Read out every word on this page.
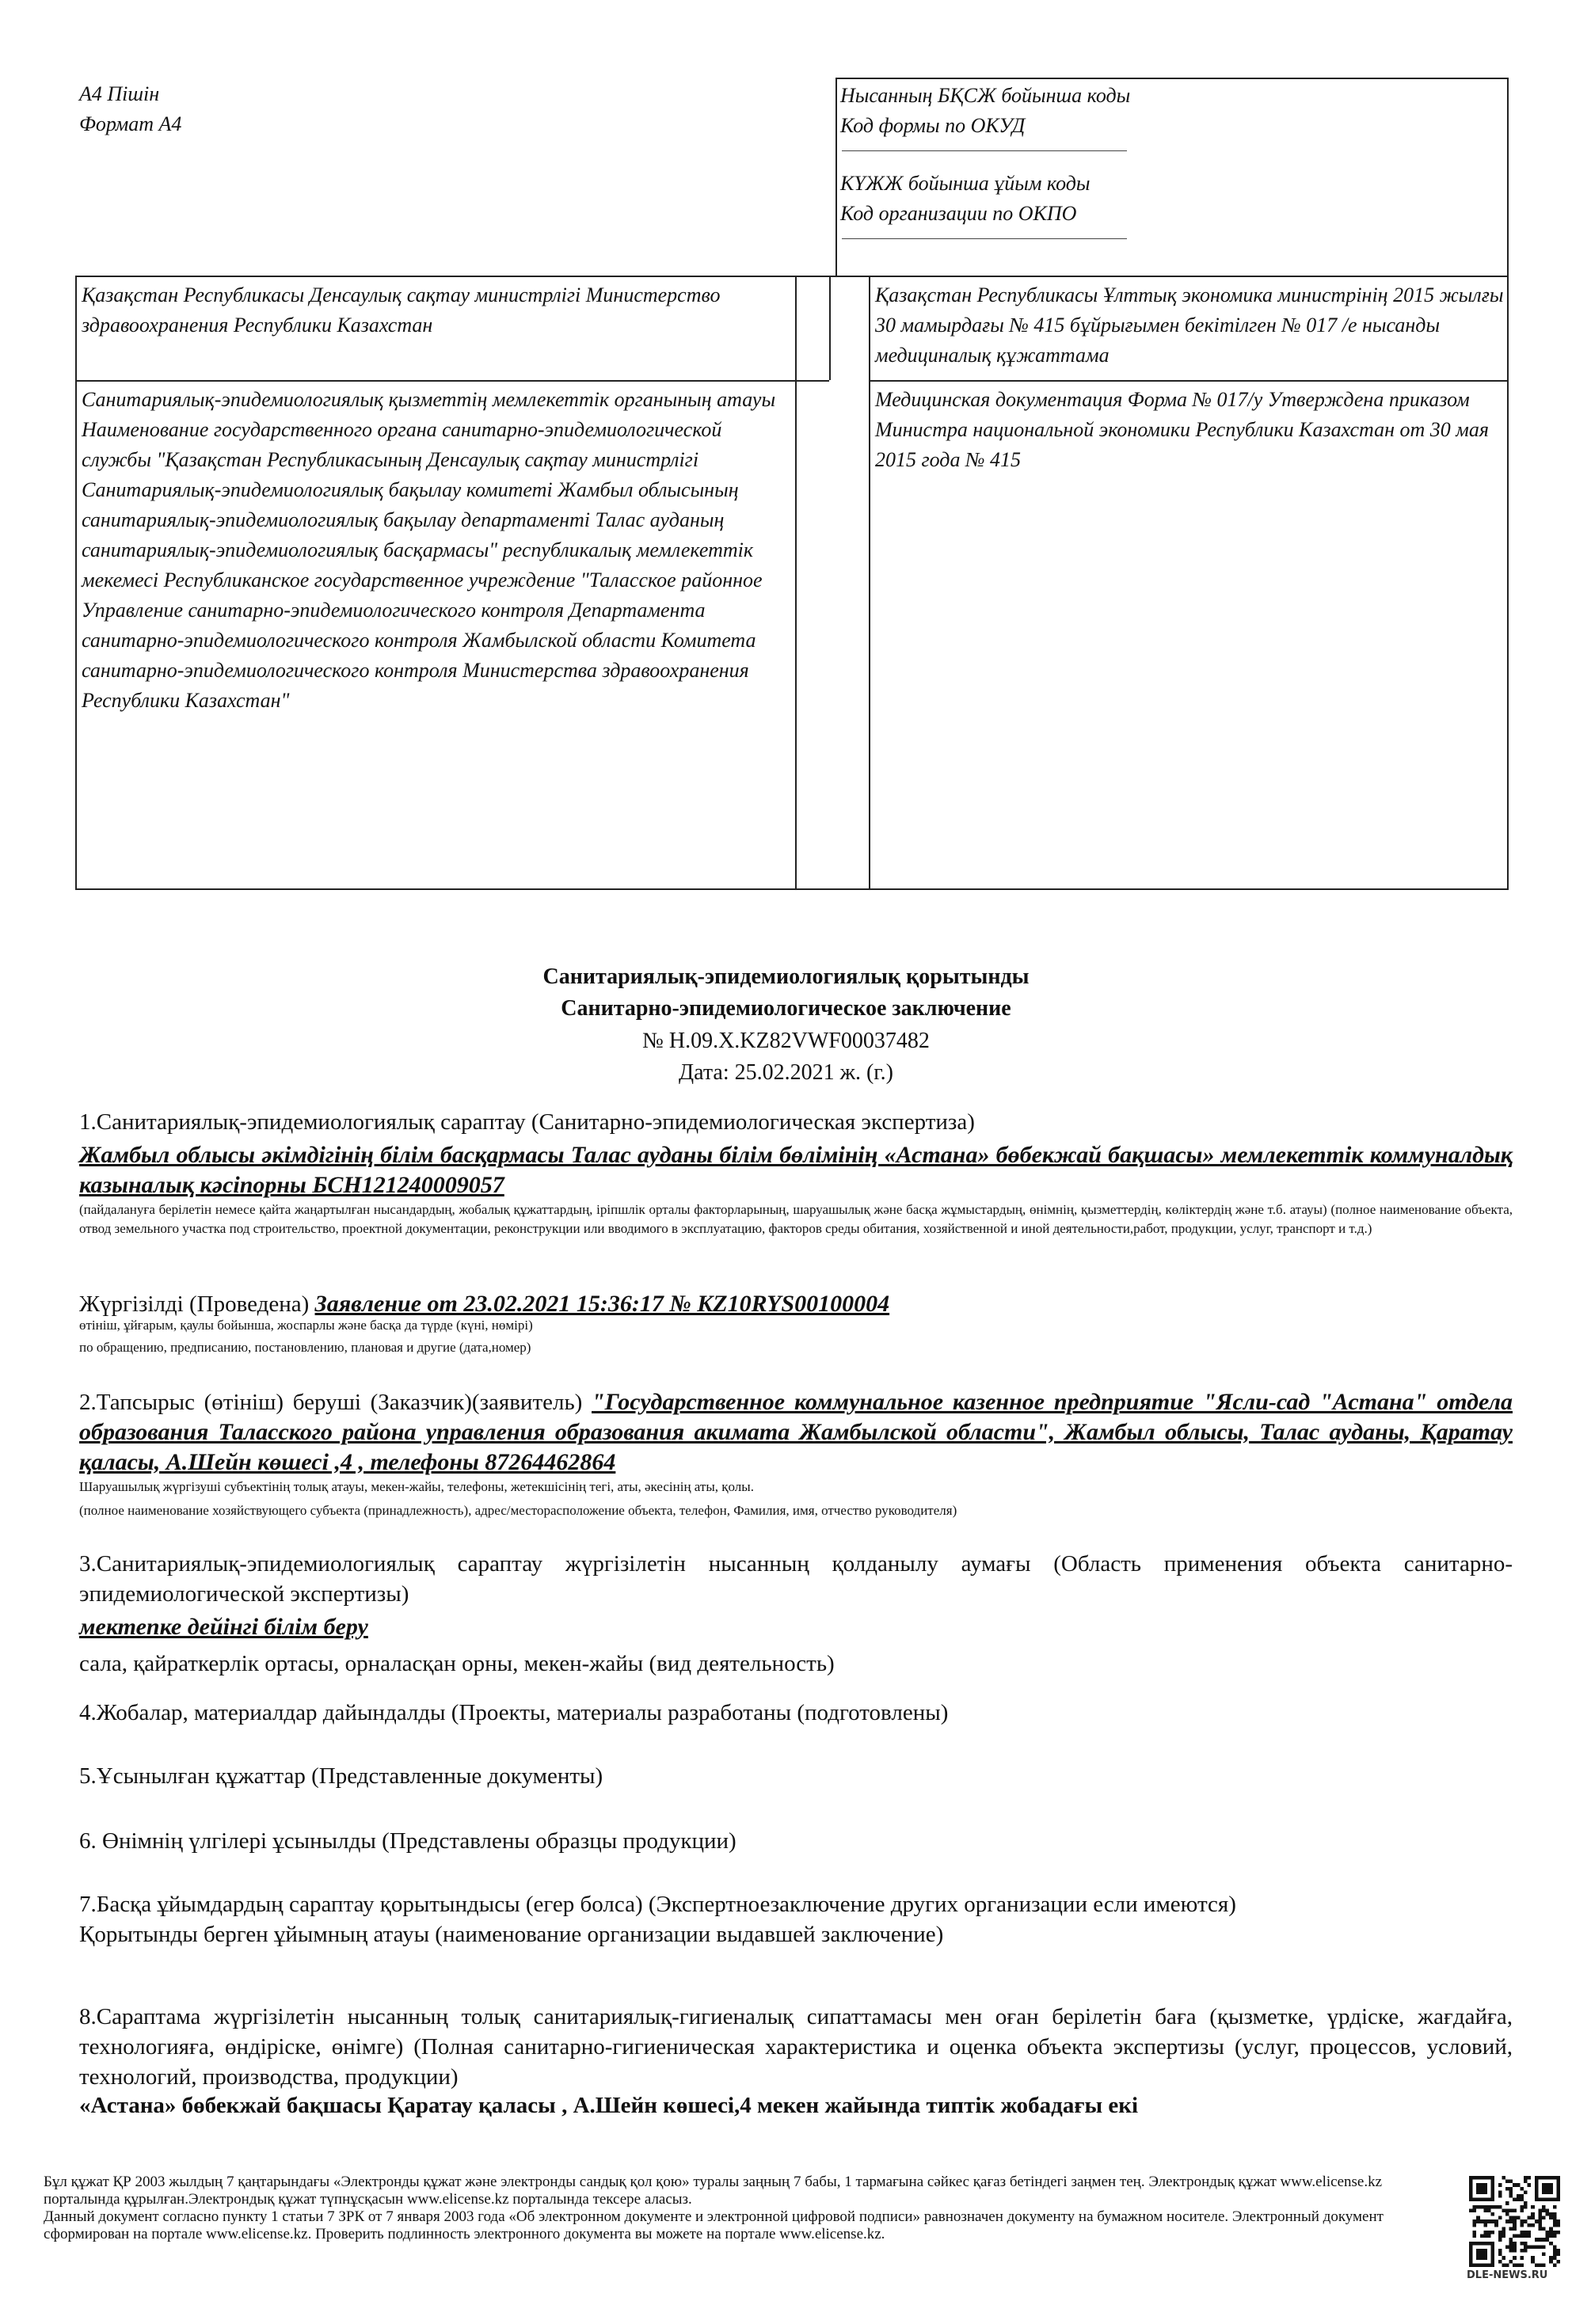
А4 Пішін
Формат А4
Нысанның БҚСЖ бойынша коды
Код формы по ОКУД
КҮЖЖ бойынша ұйым коды
Код организации по ОКПО
Қазақстан Республикасы Денсаулық сақтау министрлігі Министерство здравоохранения Республики Казахстан
Қазақстан Республикасы Ұлттық экономика министрінің 2015 жылғы 30 мамырдағы № 415 бұйрығымен бекітілген № 017 /е нысанды медициналық құжаттама
Санитариялық-эпидемиологиялық қызметтің мемлекеттік органының атауы Наименование государственного органа санитарно-эпидемиологической службы "Қазақстан Республикасының Денсаулық сақтау министрлігі Санитариялық-эпидемиологиялық бақылау комитеті Жамбыл облысының санитариялық-эпидемиологиялық бақылау департаменті Талас ауданың санитариялық-эпидемиологиялық басқармасы" республикалық мемлекеттік мекемесі Республиканское государственное учреждение "Таласское районное Управление санитарно-эпидемиологического контроля Департамента санитарно-эпидемиологического контроля Жамбылской области Комитета санитарно-эпидемиологического контроля Министерства здравоохранения Республики Казахстан"
Медицинская документация Форма № 017/у Утверждена приказом Министра национальной экономики Республики Казахстан от 30 мая 2015 года № 415
Санитариялық-эпидемиологиялық қорытынды
Санитарно-эпидемиологическое заключение
№ H.09.X.KZ82VWF00037482
Дата: 25.02.2021 ж. (г.)
1.Санитариялық-эпидемиологиялық сараптау (Санитарно-эпидемиологическая экспертиза)
Жамбыл облысы әкімдігінің білім басқармасы Талас ауданы білім бөлімінің «Астана» бөбекжай бақшасы» мемлекеттік коммуналдық казыналық кәсіпорны БСН121240009057
(пайдалануға берілетін немесе қайта жаңартылған нысандардың, жобалық құжаттардың, іріпшлік орталы факторларының, шаруашылық және басқа жұмыстардың, өнімнің, қызметтердің, көліктердің және т.б. атауы) (полное наименование объекта, отвод земельного участка под строительство, проектной документации, реконструкции или вводимого в эксплуатацию, факторов среды обитания, хозяйственной и иной деятельности,работ, продукции, услуг, транспорт и т.д.)
Жүргізілді (Проведена) Заявление от 23.02.2021 15:36:17 № KZ10RYS00100004
өтініш, ұйғарым, қаулы бойынша, жоспарлы және басқа да түрде (күні, нөмірі)
по обращению, предписанию, постановлению, плановая и другие (дата,номер)
2.Тапсырыс (өтініш) беруші (Заказчик)(заявитель) "Государственное коммунальное казенное предприятие "Ясли-сад "Астана" отдела образования Таласского района управления образования акимата Жамбылской области", Жамбыл облысы, Талас ауданы, Қаратау қаласы, А.Шейн көшесі ,4 , телефоны 87264462864
Шаруашылық жүргізуші субъектінің толық атауы, мекен-жайы, телефоны, жетекшісінің тегі, аты, әкесінің аты, қолы.
(полное наименование хозяйствующего субъекта (принадлежность), адрес/месторасположение объекта, телефон, Фамилия, имя, отчество руководителя)
3.Санитариялық-эпидемиологиялық сараптау жүргізілетін нысанның қолданылу аумағы (Область применения объекта санитарно-эпидемиологической экспертизы)
мектепке дейінгі білім беру
сала, қайраткерлік ортасы, орналасқан орны, мекен-жайы (вид деятельность)
4.Жобалар, материалдар дайындалды (Проекты, материалы разработаны (подготовлены)
5.Ұсынылған құжаттар (Представленные документы)
6. Өнімнің үлгілері ұсынылды (Представлены образцы продукции)
7.Басқа ұйымдардың сараптау қорытындысы (егер болса) (Экспертноезаключение других организации если имеются)
Қорытынды берген ұйымның атауы (наименование организации выдавшей заключение)
8.Сараптама жүргізілетін нысанның толық санитариялық-гигиеналық сипаттамасы мен оған берілетін баға (қызметке, үрдіске, жағдайға, технологияға, өндіріске, өнімге) (Полная санитарно-гигиеническая характеристика и оценка объекта экспертизы (услуг, процессов, условий, технологий, производства, продукции)
«Астана» бөбекжай бақшасы Қаратау қаласы , А.Шейн көшесі,4 мекен жайында типтік жобадағы екі
Бұл құжат ҚР 2003 жылдың 7 қаңтарындағы «Электронды құжат және электронды сандық қол қою» туралы заңның 7 бабы, 1 тармағына сәйкес қағаз бетіндегі заңмен тең. Электрондық құжат www.elicense.kz порталында құрылған.Электрондық құжат түпнұсқасын www.elicense.kz порталында тексере аласыз.
Данный документ согласно пункту 1 статьи 7 ЗРК от 7 января 2003 года «Об электронном документе и электронной цифровой подписи» равнозначен документу на бумажном носителе. Электронный документ сформирован на портале www.elicense.kz. Проверить подлинность электронного документа вы можете на портале www.elicense.kz.
DLE-NEWS.RU
